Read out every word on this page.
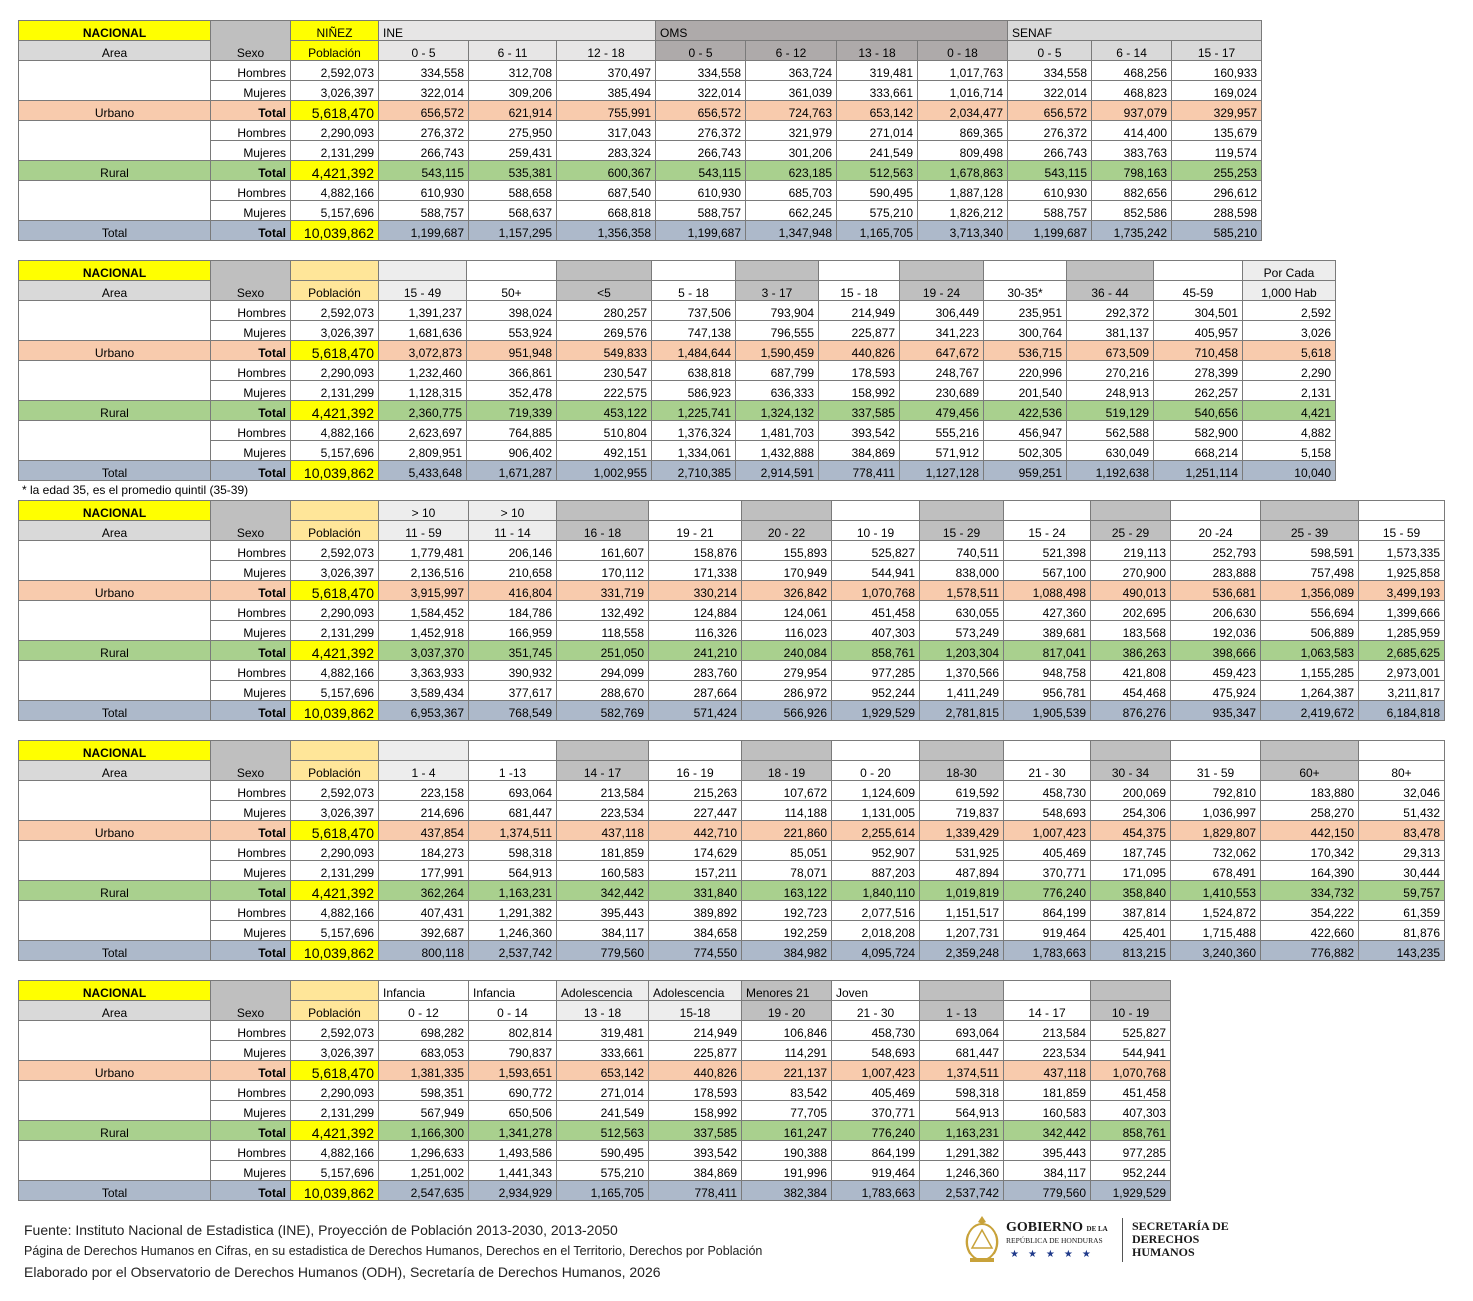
NACIONAL	Sexo	NIÑEZ	INE			OMS				SENAF		
Area		Población	0 - 5	6 - 11	12 - 18	0 - 5	6 - 12	13 - 18	0 - 18	0 - 5	6 - 14	15 - 17
	Hombres	2,592,073	334,558	312,708	370,497	334,558	363,724	319,481	1,017,763	334,558	468,256	160,933
	Mujeres	3,026,397	322,014	309,206	385,494	322,014	361,039	333,661	1,016,714	322,014	468,823	169,024
Urbano	Total	5,618,470	656,572	621,914	755,991	656,572	724,763	653,142	2,034,477	656,572	937,079	329,957
	Hombres	2,290,093	276,372	275,950	317,043	276,372	321,979	271,014	869,365	276,372	414,400	135,679
	Mujeres	2,131,299	266,743	259,431	283,324	266,743	301,206	241,549	809,498	266,743	383,763	119,574
Rural	Total	4,421,392	543,115	535,381	600,367	543,115	623,185	512,563	1,678,863	543,115	798,163	255,253
	Hombres	4,882,166	610,930	588,658	687,540	610,930	685,703	590,495	1,887,128	610,930	882,656	296,612
	Mujeres	5,157,696	588,757	568,637	668,818	588,757	662,245	575,210	1,826,212	588,757	852,586	288,598
Total	Total	10,039,862	1,199,687	1,157,295	1,356,358	1,199,687	1,347,948	1,165,705	3,713,340	1,199,687	1,735,242	585,210
NACIONAL	Sexo												Por Cada
Area		Población	15 - 49	50+	<5	5 - 18	3 - 17	15 - 18	19 - 24	30-35*	36 - 44	45-59	1,000 Hab
	Hombres	2,592,073	1,391,237	398,024	280,257	737,506	793,904	214,949	306,449	235,951	292,372	304,501	2,592
	Mujeres	3,026,397	1,681,636	553,924	269,576	747,138	796,555	225,877	341,223	300,764	381,137	405,957	3,026
Urbano	Total	5,618,470	3,072,873	951,948	549,833	1,484,644	1,590,459	440,826	647,672	536,715	673,509	710,458	5,618
	Hombres	2,290,093	1,232,460	366,861	230,547	638,818	687,799	178,593	248,767	220,996	270,216	278,399	2,290
	Mujeres	2,131,299	1,128,315	352,478	222,575	586,923	636,333	158,992	230,689	201,540	248,913	262,257	2,131
Rural	Total	4,421,392	2,360,775	719,339	453,122	1,225,741	1,324,132	337,585	479,456	422,536	519,129	540,656	4,421
	Hombres	4,882,166	2,623,697	764,885	510,804	1,376,324	1,481,703	393,542	555,216	456,947	562,588	582,900	4,882
	Mujeres	5,157,696	2,809,951	906,402	492,151	1,334,061	1,432,888	384,869	571,912	502,305	630,049	668,214	5,158
Total	Total	10,039,862	5,433,648	1,671,287	1,002,955	2,710,385	2,914,591	778,411	1,127,128	959,251	1,192,638	1,251,114	10,040
NACIONAL	Sexo		> 10	> 10										
Area		Población	11 - 59	11 - 14	16 - 18	19 - 21	20 - 22	10 - 19	15 - 29	15 - 24	25 - 29	20 -24	25 - 39	15 - 59
	Hombres	2,592,073	1,779,481	206,146	161,607	158,876	155,893	525,827	740,511	521,398	219,113	252,793	598,591	1,573,335
	Mujeres	3,026,397	2,136,516	210,658	170,112	171,338	170,949	544,941	838,000	567,100	270,900	283,888	757,498	1,925,858
Urbano	Total	5,618,470	3,915,997	416,804	331,719	330,214	326,842	1,070,768	1,578,511	1,088,498	490,013	536,681	1,356,089	3,499,193
	Hombres	2,290,093	1,584,452	184,786	132,492	124,884	124,061	451,458	630,055	427,360	202,695	206,630	556,694	1,399,666
	Mujeres	2,131,299	1,452,918	166,959	118,558	116,326	116,023	407,303	573,249	389,681	183,568	192,036	506,889	1,285,959
Rural	Total	4,421,392	3,037,370	351,745	251,050	241,210	240,084	858,761	1,203,304	817,041	386,263	398,666	1,063,583	2,685,625
	Hombres	4,882,166	3,363,933	390,932	294,099	283,760	279,954	977,285	1,370,566	948,758	421,808	459,423	1,155,285	2,973,001
	Mujeres	5,157,696	3,589,434	377,617	288,670	287,664	286,972	952,244	1,411,249	956,781	454,468	475,924	1,264,387	3,211,817
Total	Total	10,039,862	6,953,367	768,549	582,769	571,424	566,926	1,929,529	2,781,815	1,905,539	876,276	935,347	2,419,672	6,184,818
NACIONAL	Sexo													
Area		Población	1 - 4	1 -13	14 - 17	16 - 19	18 - 19	0 - 20	18-30	21 - 30	30 - 34	31 - 59	60+	80+
	Hombres	2,592,073	223,158	693,064	213,584	215,263	107,672	1,124,609	619,592	458,730	200,069	792,810	183,880	32,046
	Mujeres	3,026,397	214,696	681,447	223,534	227,447	114,188	1,131,005	719,837	548,693	254,306	1,036,997	258,270	51,432
Urbano	Total	5,618,470	437,854	1,374,511	437,118	442,710	221,860	2,255,614	1,339,429	1,007,423	454,375	1,829,807	442,150	83,478
	Hombres	2,290,093	184,273	598,318	181,859	174,629	85,051	952,907	531,925	405,469	187,745	732,062	170,342	29,313
	Mujeres	2,131,299	177,991	564,913	160,583	157,211	78,071	887,203	487,894	370,771	171,095	678,491	164,390	30,444
Rural	Total	4,421,392	362,264	1,163,231	342,442	331,840	163,122	1,840,110	1,019,819	776,240	358,840	1,410,553	334,732	59,757
	Hombres	4,882,166	407,431	1,291,382	395,443	389,892	192,723	2,077,516	1,151,517	864,199	387,814	1,524,872	354,222	61,359
	Mujeres	5,157,696	392,687	1,246,360	384,117	384,658	192,259	2,018,208	1,207,731	919,464	425,401	1,715,488	422,660	81,876
Total	Total	10,039,862	800,118	2,537,742	779,560	774,550	384,982	4,095,724	2,359,248	1,783,663	813,215	3,240,360	776,882	143,235
NACIONAL	Sexo		Infancia	Infancia	Adolescencia	Adolescencia	Menores 21	Joven			
Area		Población	0 - 12	0 - 14	13 - 18	15-18	19 - 20	21 - 30	1 - 13	14 - 17	10 - 19
	Hombres	2,592,073	698,282	802,814	319,481	214,949	106,846	458,730	693,064	213,584	525,827
	Mujeres	3,026,397	683,053	790,837	333,661	225,877	114,291	548,693	681,447	223,534	544,941
Urbano	Total	5,618,470	1,381,335	1,593,651	653,142	440,826	221,137	1,007,423	1,374,511	437,118	1,070,768
	Hombres	2,290,093	598,351	690,772	271,014	178,593	83,542	405,469	598,318	181,859	451,458
	Mujeres	2,131,299	567,949	650,506	241,549	158,992	77,705	370,771	564,913	160,583	407,303
Rural	Total	4,421,392	1,166,300	1,341,278	512,563	337,585	161,247	776,240	1,163,231	342,442	858,761
	Hombres	4,882,166	1,296,633	1,493,586	590,495	393,542	190,388	864,199	1,291,382	395,443	977,285
	Mujeres	5,157,696	1,251,002	1,441,343	575,210	384,869	191,996	919,464	1,246,360	384,117	952,244
Total	Total	10,039,862	2,547,635	2,934,929	1,165,705	778,411	382,384	1,783,663	2,537,742	779,560	1,929,529
* la edad 35, es el promedio quintil (35-39)
Fuente: Instituto Nacional de Estadistica (INE), Proyección de Población 2013-2030, 2013-2050
Página de Derechos Humanos en Cifras, en su estadistica de Derechos Humanos, Derechos en el Territorio, Derechos por Población
Elaborado por el Observatorio de Derechos Humanos (ODH), Secretaría de Derechos Humanos, 2026
GOBIERNO DE LA
REPÚBLICA DE HONDURAS
★★★★★
SECRETARÍA DE
DERECHOS
HUMANOS
